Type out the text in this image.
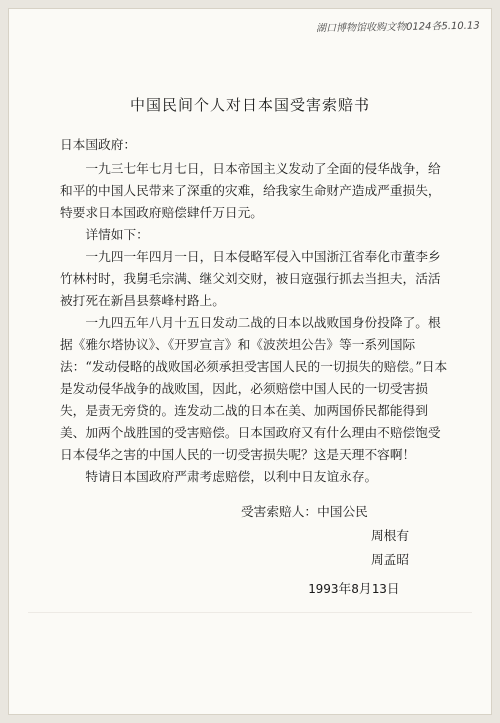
湖口博物馆收购文物0124各5.10.13
中国民间个人对日本国受害索赔书

日本国政府：

一九三七年七月七日，日本帝国主义发动了全面的侵华战争，给和平的中国人民带来了深重的灾难，给我家生命财产造成严重损失，特要求日本国政府赔偿肆仟万日元。

详情如下：

一九四一年四月一日，日本侵略军侵入中国浙江省奉化市董李乡竹林村时，我舅毛宗满、继父刘交财，被日寇强行抓去当担夫，活活被打死在新昌县蔡峰村路上。

一九四五年八月十五日发动二战的日本以战败国身份投降了。根据《雅尔塔协议》、《开罗宣言》和《波茨坦公告》等一系列国际法：“发动侵略的战败国必须承担受害国人民的一切损失的赔偿。”日本是发动侵华战争的战败国，因此，必须赔偿中国人民的一切受害损失，是责无旁贷的。连发动二战的日本在美、加两国侨民都能得到美、加两个战胜国的受害赔偿。日本国政府又有什么理由不赔偿饱受日本侵华之害的中国人民的一切受害损失呢？这是天理不容啊！

特请日本国政府严肃考虑赔偿，以利中日友谊永存。

受害索赔人：中国公民
周根有
周孟昭
1993年8月13日
